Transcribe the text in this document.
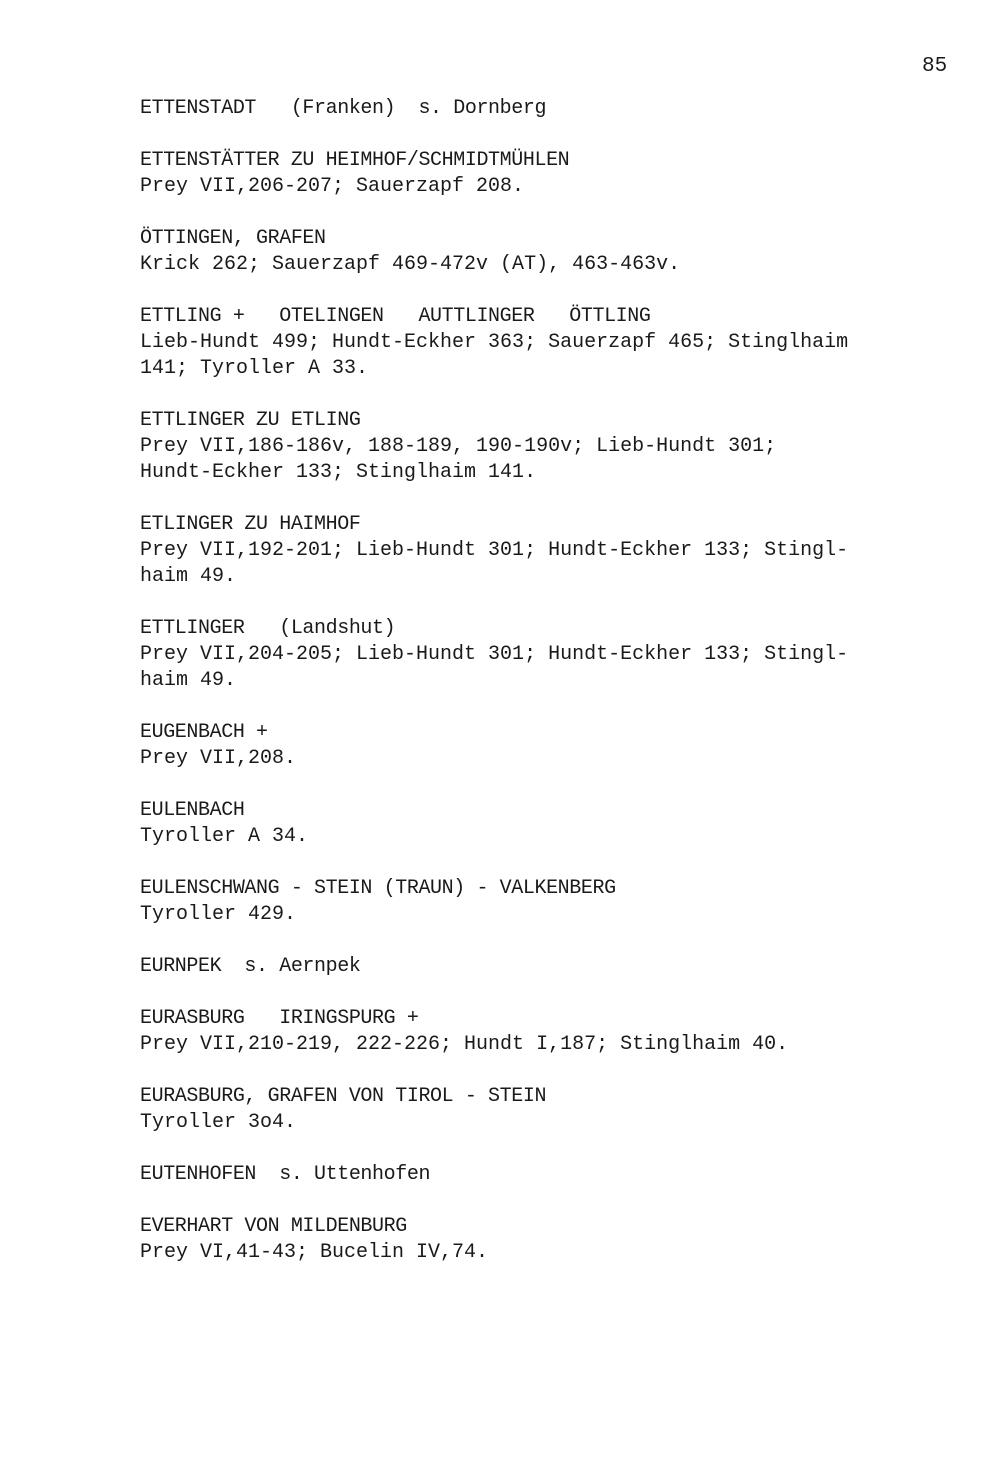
85
ETTENSTADT   (Franken)  s. Dornberg
ETTENSTÄTTER ZU HEIMHOF/SCHMIDTMÜHLEN
Prey VII,206-207; Sauerzapf 208.
ÖTTINGEN, GRAFEN
Krick 262; Sauerzapf 469-472v (AT), 463-463v.
ETTLING +   OTELINGEN   AUTTLINGER   ÖTTLING
Lieb-Hundt 499; Hundt-Eckher 363; Sauerzapf 465; Stinglhaim
141; Tyroller A 33.
ETTLINGER ZU ETLING
Prey VII,186-186v, 188-189, 190-190v; Lieb-Hundt 301;
Hundt-Eckher 133; Stinglhaim 141.
ETLINGER ZU HAIMHOF
Prey VII,192-201; Lieb-Hundt 301; Hundt-Eckher 133; Stingl-
haim 49.
ETTLINGER   (Landshut)
Prey VII,204-205; Lieb-Hundt 301; Hundt-Eckher 133; Stingl-
haim 49.
EUGENBACH +
Prey VII,208.
EULENBACH
Tyroller A 34.
EULENSCHWANG - STEIN (TRAUN) - VALKENBERG
Tyroller 429.
EURNPEK  s. Aernpek
EURASBURG   IRINGSPURG +
Prey VII,210-219, 222-226; Hundt I,187; Stinglhaim 40.
EURASBURG, GRAFEN VON TIROL - STEIN
Tyroller 3o4.
EUTENHOFEN  s. Uttenhofen
EVERHART VON MILDENBURG
Prey VI,41-43; Bucelin IV,74.
